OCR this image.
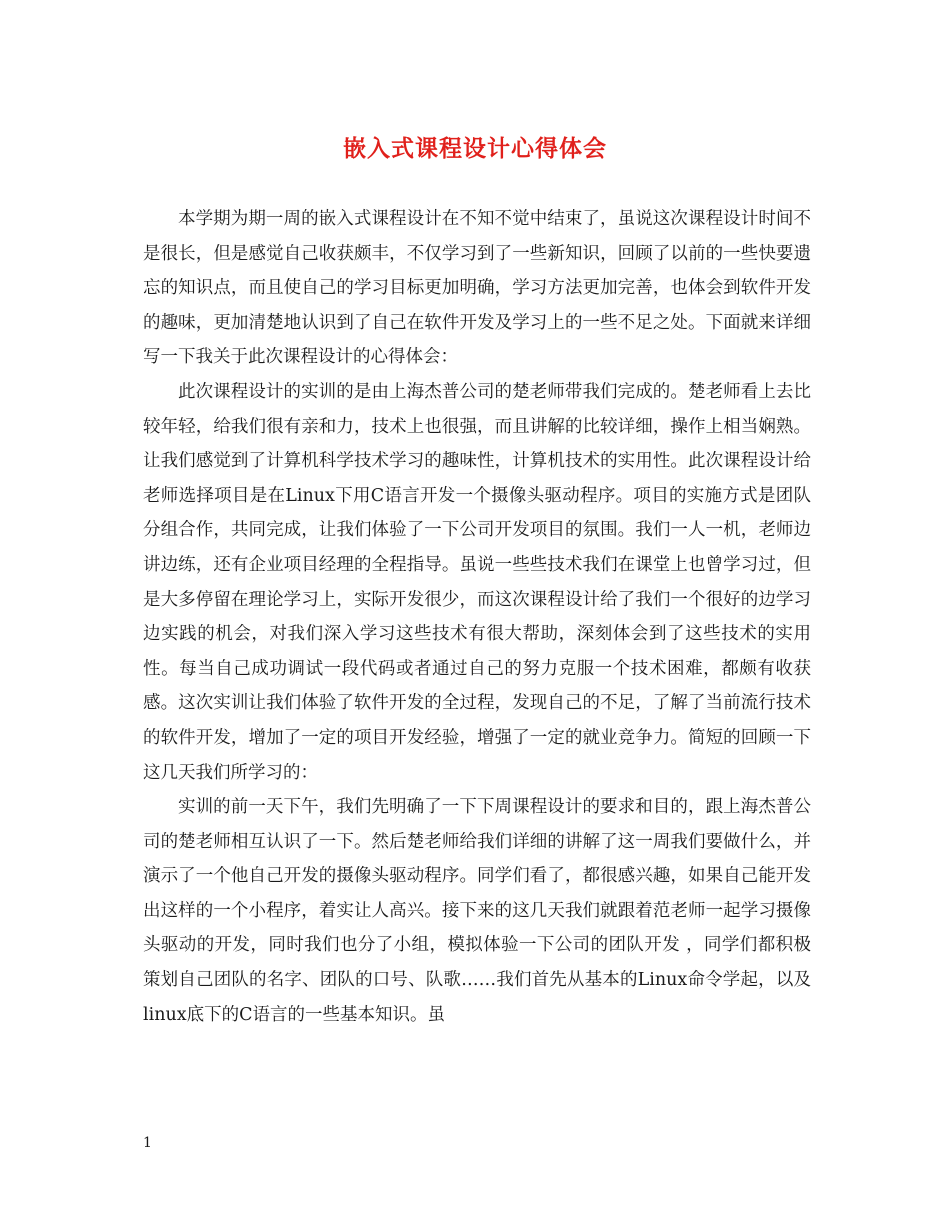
嵌入式课程设计心得体会

本学期为期一周的嵌入式课程设计在不知不觉中结束了，虽说这次课程设计时间不是很长，但是感觉自己收获颇丰，不仅学习到了一些新知识，回顾了以前的一些快要遗忘的知识点，而且使自己的学习目标更加明确，学习方法更加完善，也体会到软件开发的趣味，更加清楚地认识到了自己在软件开发及学习上的一些不足之处。下面就来详细写一下我关于此次课程设计的心得体会：

此次课程设计的实训的是由上海杰普公司的楚老师带我们完成的。楚老师看上去比较年轻，给我们很有亲和力，技术上也很强，而且讲解的比较详细，操作上相当娴熟。让我们感觉到了计算机科学技术学习的趣味性，计算机技术的实用性。此次课程设计给老师选择项目是在Linux下用C语言开发一个摄像头驱动程序。项目的实施方式是团队分组合作，共同完成，让我们体验了一下公司开发项目的氛围。我们一人一机，老师边讲边练，还有企业项目经理的全程指导。虽说一些些技术我们在课堂上也曾学习过，但是大多停留在理论学习上，实际开发很少，而这次课程设计给了我们一个很好的边学习边实践的机会，对我们深入学习这些技术有很大帮助，深刻体会到了这些技术的实用性。每当自己成功调试一段代码或者通过自己的努力克服一个技术困难，都颇有收获感。这次实训让我们体验了软件开发的全过程，发现自己的不足，了解了当前流行技术的软件开发，增加了一定的项目开发经验，增强了一定的就业竞争力。简短的回顾一下这几天我们所学习的：

实训的前一天下午，我们先明确了一下下周课程设计的要求和目的，跟上海杰普公司的楚老师相互认识了一下。然后楚老师给我们详细的讲解了这一周我们要做什么，并演示了一个他自己开发的摄像头驱动程序。同学们看了，都很感兴趣，如果自己能开发出这样的一个小程序，着实让人高兴。接下来的这几天我们就跟着范老师一起学习摄像头驱动的开发，同时我们也分了小组，模拟体验一下公司的团队开发 ，同学们都积极策划自己团队的名字、团队的口号、队歌……我们首先从基本的Linux命令学起，以及linux底下的C语言的一些基本知识。虽

1
